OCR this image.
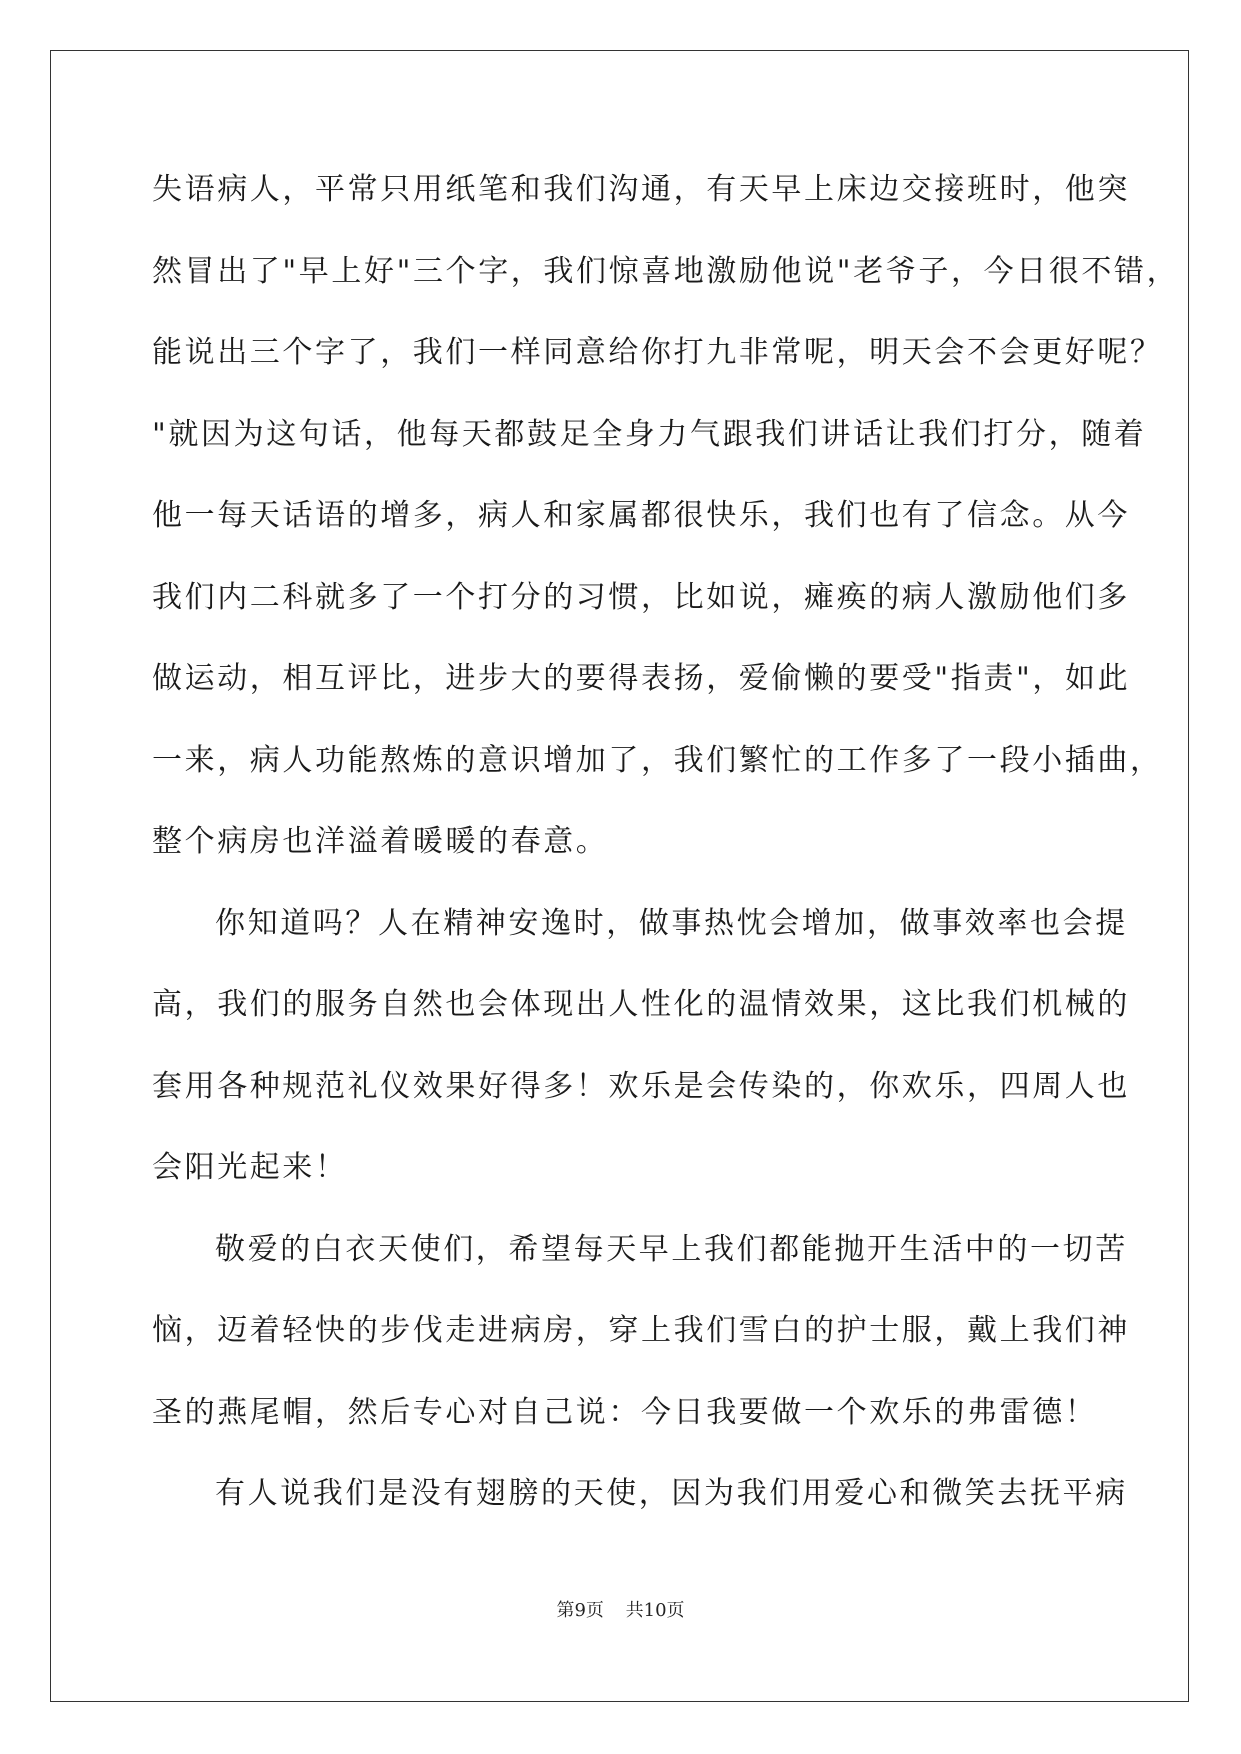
失语病人，平常只用纸笔和我们沟通，有天早上床边交接班时，他突
然冒出了"早上好"三个字，我们惊喜地激励他说"老爷子，今日很不错，
能说出三个字了，我们一样同意给你打九非常呢，明天会不会更好呢？
"就因为这句话，他每天都鼓足全身力气跟我们讲话让我们打分，随着
他一每天话语的增多，病人和家属都很快乐，我们也有了信念。从今
我们内二科就多了一个打分的习惯，比如说，瘫痪的病人激励他们多
做运动，相互评比，进步大的要得表扬，爱偷懒的要受"指责"，如此
一来，病人功能熬炼的意识增加了，我们繁忙的工作多了一段小插曲，
整个病房也洋溢着暖暖的春意。
你知道吗？人在精神安逸时，做事热忱会增加，做事效率也会提
高，我们的服务自然也会体现出人性化的温情效果，这比我们机械的
套用各种规范礼仪效果好得多！欢乐是会传染的，你欢乐，四周人也
会阳光起来！
敬爱的白衣天使们，希望每天早上我们都能抛开生活中的一切苦
恼，迈着轻快的步伐走进病房，穿上我们雪白的护士服，戴上我们神
圣的燕尾帽，然后专心对自己说：今日我要做一个欢乐的弗雷德！
有人说我们是没有翅膀的天使，因为我们用爱心和微笑去抚平病
第9页 共10页
